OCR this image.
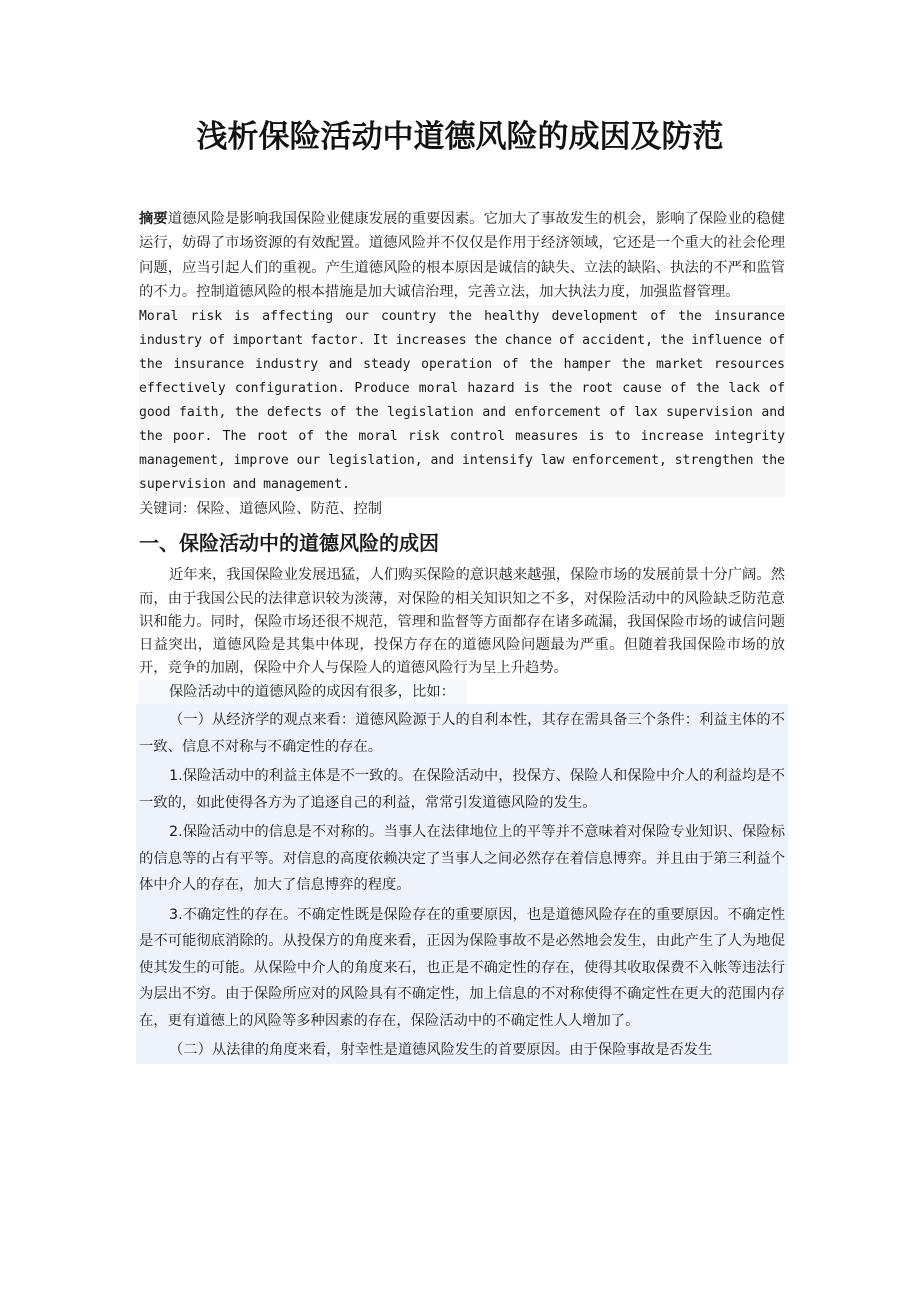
浅析保险活动中道德风险的成因及防范

摘要道德风险是影响我国保险业健康发展的重要因素。它加大了事故发生的机会，影响了保险业的稳健运行，妨碍了市场资源的有效配置。道德风险并不仅仅是作用于经济领域，它还是一个重大的社会伦理问题，应当引起人们的重视。产生道德风险的根本原因是诚信的缺失、立法的缺陷、执法的不严和监管的不力。控制道德风险的根本措施是加大诚信治理，完善立法，加大执法力度，加强监督管理。

Moral risk is affecting our country the healthy development of the insurance industry of important factor. It increases the chance of accident, the influence of the insurance industry and steady operation of the hamper the market resources effectively configuration. Produce moral hazard is the root cause of the lack of good faith, the defects of the legislation and enforcement of lax supervision and the poor. The root of the moral risk control measures is to increase integrity management, improve our legislation, and intensify law enforcement, strengthen the supervision and management.

关键词：保险、道德风险、防范、控制

一、保险活动中的道德风险的成因

近年来，我国保险业发展迅猛，人们购买保险的意识越来越强，保险市场的发展前景十分广阔。然而，由于我国公民的法律意识较为淡薄，对保险的相关知识知之不多，对保险活动中的风险缺乏防范意识和能力。同时，保险市场还很不规范，管理和监督等方面都存在诸多疏漏，我国保险市场的诚信问题日益突出，道德风险是其集中体现，投保方存在的道德风险问题最为严重。但随着我国保险市场的放开，竞争的加剧，保险中介人与保险人的道德风险行为呈上升趋势。

保险活动中的道德风险的成因有很多，比如：

（一）从经济学的观点来看：道德风险源于人的自利本性，其存在需具备三个条件：利益主体的不一致、信息不对称与不确定性的存在。

1.保险活动中的利益主体是不一致的。在保险活动中，投保方、保险人和保险中介人的利益均是不一致的，如此使得各方为了追逐自己的利益，常常引发道德风险的发生。

2.保险活动中的信息是不对称的。当事人在法律地位上的平等并不意味着对保险专业知识、保险标的信息等的占有平等。对信息的高度依赖决定了当事人之间必然存在着信息博弈。并且由于第三利益个体中介人的存在，加大了信息博弈的程度。

3.不确定性的存在。不确定性既是保险存在的重要原因，也是道德风险存在的重要原因。不确定性是不可能彻底消除的。从投保方的角度来看，正因为保险事故不是必然地会发生，由此产生了人为地促使其发生的可能。从保险中介人的角度来石，也正是不确定性的存在，使得其收取保费不入帐等违法行为层出不穷。由于保险所应对的风险具有不确定性，加上信息的不对称使得不确定性在更大的范围内存在，更有道德上的风险等多种因素的存在，保险活动中的不确定性人人增加了。

（二）从法律的角度来看，射幸性是道德风险发生的首要原因。由于保险事故是否发生
